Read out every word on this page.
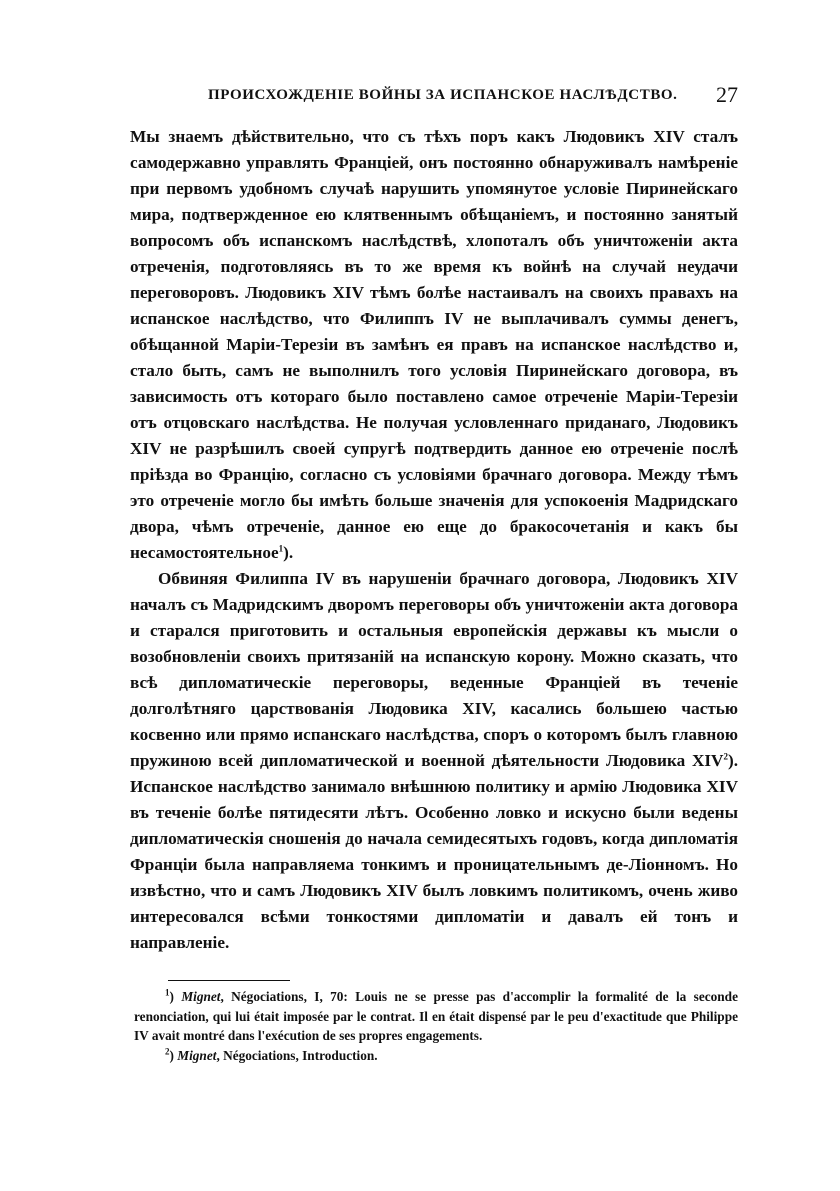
ПРОИСХОЖДЕНІЕ ВОЙНЫ ЗА ИСПАНСКОЕ НАСЛѢДСТВО. 27

Мы знаемъ дѣйствительно, что съ тѣхъ поръ какъ Людовикъ XIV сталъ самодержавно управлять Франціей, онъ постоянно обнаруживалъ намѣреніе при первомъ удобномъ случаѣ нарушить упомянутое условіе Пиринейскаго мира, подтвержденное ею клятвеннымъ обѣщаніемъ, и постоянно занятый вопросомъ объ испанскомъ наслѣдствѣ, хлопоталъ объ уничтоженіи акта отреченія, подготовляясь въ то же время къ войнѣ на случай неудачи переговоровъ. Людовикъ XIV тѣмъ болѣе настаивалъ на своихъ правахъ на испанское наслѣдство, что Филиппъ IV не выплачивалъ суммы денегъ, обѣщанной Маріи-Терезіи въ замѣнъ ея правъ на испанское наслѣдство и, стало быть, самъ не выполнилъ того условія Пиринейскаго договора, въ зависимость отъ котораго было поставлено самое отреченіе Маріи-Терезіи отъ отцовскаго наслѣдства. Не получая условленнаго приданаго, Людовикъ XIV не разрѣшилъ своей супругѣ подтвердить данное ею отреченіе послѣ пріѣзда во Францію, согласно съ условіями брачнаго договора. Между тѣмъ это отреченіе могло бы имѣть больше значенія для успокоенія Мадридскаго двора, чѣмъ отреченіе, данное ею еще до бракосочетанія и какъ бы несамостоятельное$^1$).

Обвиняя Филиппа IV въ нарушеніи брачнаго договора, Людовикъ XIV началъ съ Мадридскимъ дворомъ переговоры объ уничтоженіи акта договора и старался приготовить и остальныя европейскія державы къ мысли о возобновленіи своихъ притязаній на испанскую корону. Можно сказать, что всѣ дипломатическіе переговоры, веденные Франціей въ теченіе долголѣтняго царствованія Людовика XIV, касались большею частью косвенно или прямо испанскаго наслѣдства, споръ о которомъ былъ главною пружиною всей дипломатической и военной дѣятельности Людовика XIV$^2$). Испанское наслѣдство занимало внѣшнюю политику и армію Людовика XIV въ теченіе болѣе пятидесяти лѣтъ. Особенно ловко и искусно были ведены дипломатическія сношенія до начала семидесятыхъ годовъ, когда дипломатія Франціи была направляема тонкимъ и проницательнымъ де-Ліонномъ. Но извѣстно, что и самъ Людовикъ XIV былъ ловкимъ политикомъ, очень живо интересовался всѣми тонкостями дипломатіи и давалъ ей тонъ и направленіе.

$^1$) Mignet, Négociations, I, 70: Louis ne se presse pas d'accomplir la formalité de la seconde renonciation, qui lui était imposée par le contrat. Il en était dispensé par le peu d'exactitude que Philippe IV avait montré dans l'exécution de ses propres engagements.

$^2$) Mignet, Négociations, Introduction.
